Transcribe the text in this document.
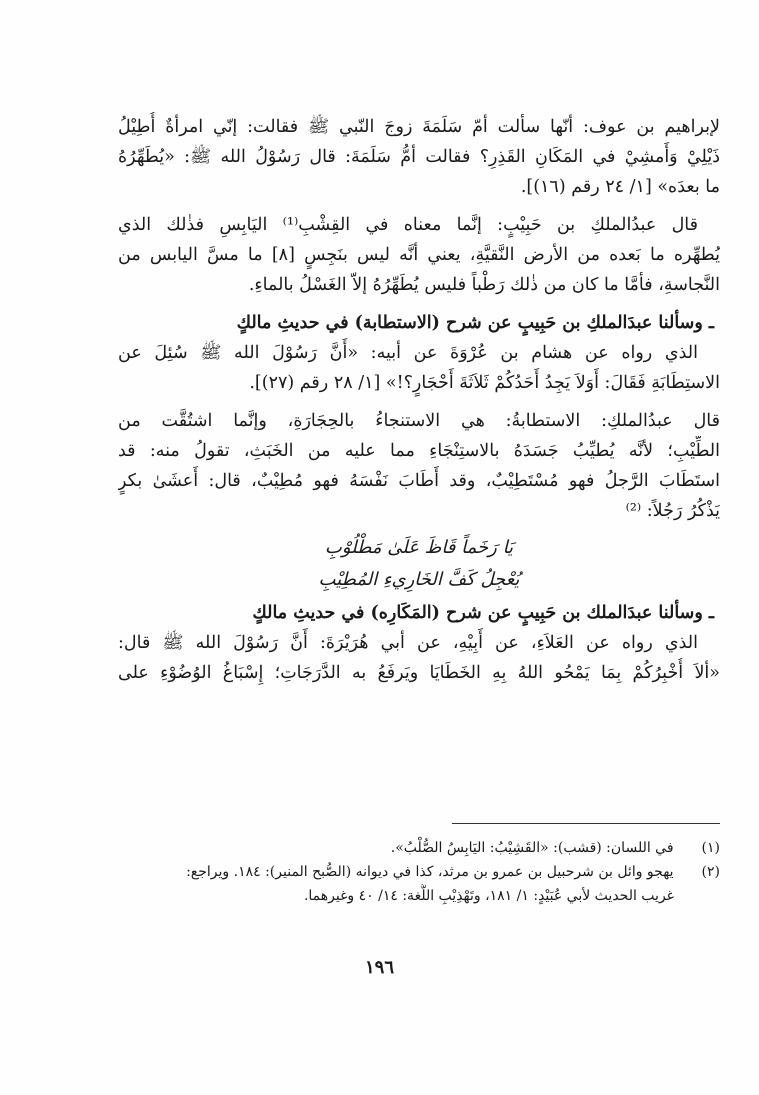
لإبراهيم بن عوف: أنّها سألت أمّ سَلَمَةَ زوجَ النّبي ﷺ فقالت: إنّي امرأةٌ أُطِيْلُ
ذَيْلِيْ وَأَمشِيْ في المَكَانِ القَذِرِ؟ فقالت أمُّ سَلَمَةَ: قال رَسُوْلُ الله ﷺ: «يُطَهِّرُهُ
ما بعدَه» [١/ ٢٤ رقم (١٦)].
قال عبدُالملكِ بن حَبِيْبٍ: إنَّما معناه في القِشْبِ⁽¹⁾ اليَابِسِ فذٰلك الذي
يُطهِّره ما بَعده من الأرض النَّقيَّةِ، يعني أنَّه ليس بنَجِسٍ [٨] ما مسَّ اليابس من
النَّجاسةِ، فأمَّا ما كان من ذٰلك رَطْباً فليس يُطَهِّرُهُ إلاّ الغَسْلُ بالماءِ.
ـ وسألنا عبدَالملكِ بن حَبِيبٍ عن شرح (الاستطابة) في حديثِ مالكٍ
الذي رواه عن هشام بن عُرْوَةَ عن أبيه: «أَنَّ رَسُوْلَ الله ﷺ سُئِلَ عن
الاستِطَابَةِ فَقَالَ: أَوَلاَ يَجِدُ أَحَدُكُمْ ثَلاَثَةَ أَحْجَارٍ؟!» [١/ ٢٨ رقم (٢٧)].
قال عبدُالملكِ: الاستطابةُ: هي الاستنجاءُ بالحِجَارَةِ، وإنَّما اشتُقَّت من
الطِّيْبِ؛ لأنَّه يُطيِّبُ جَسَدَهُ بالاستِنْجَاءِ مما عليه من الخَبَثِ، تقولُ منه: قد
استَطَابَ الرَّجلُ فهو مُسْتَطِيْبٌ، وقد أَطَابَ نَفْسَهُ فهو مُطِيْبٌ، قال: أَعشَىٰ بكرٍ
يَذْكُرُ رَجُلاً: ⁽²⁾
يَا رَخَماً قَاظَ عَلَىٰ مَطْلُوْبِ
يُعْجِلُ كَفَّ الخَارِيءِ المُطِيْبِ
ـ وسألنا عبدَالملك بن حَبِيبٍ عن شرح (المَكَارِه) في حديثِ مالكٍ
الذي رواه عن العَلاَءِ، عن أَبِيْهِ، عن أبي هُرَيْرَةَ: أَنَّ رَسُوْلَ الله ﷺ قال:
«ألاَ أُخْبِرُكُمْ بِمَا يَمْحُو اللهُ بِهِ الخَطَايَا ويَرفَعُ به الدَّرَجَاتِ؛ إِسْبَاغُ الوُضُوْءِ على
(١) في اللسان: (قشب): «القَشِيْبُ: اليَابِسُ الصُّلْبُ».
(٢) يهجو وائل بن شرحبيل بن عمرو بن مرثد، كذا في ديوانه (الصُّبح المنير): ١٨٤. ويراجع:
غريب الحديث لأبي عُبَيْدٍ: ١/ ١٨١، وتَهْذِيْبِ اللُّغة: ١٤/ ٤٠ وغيرهما.
١٩٦
